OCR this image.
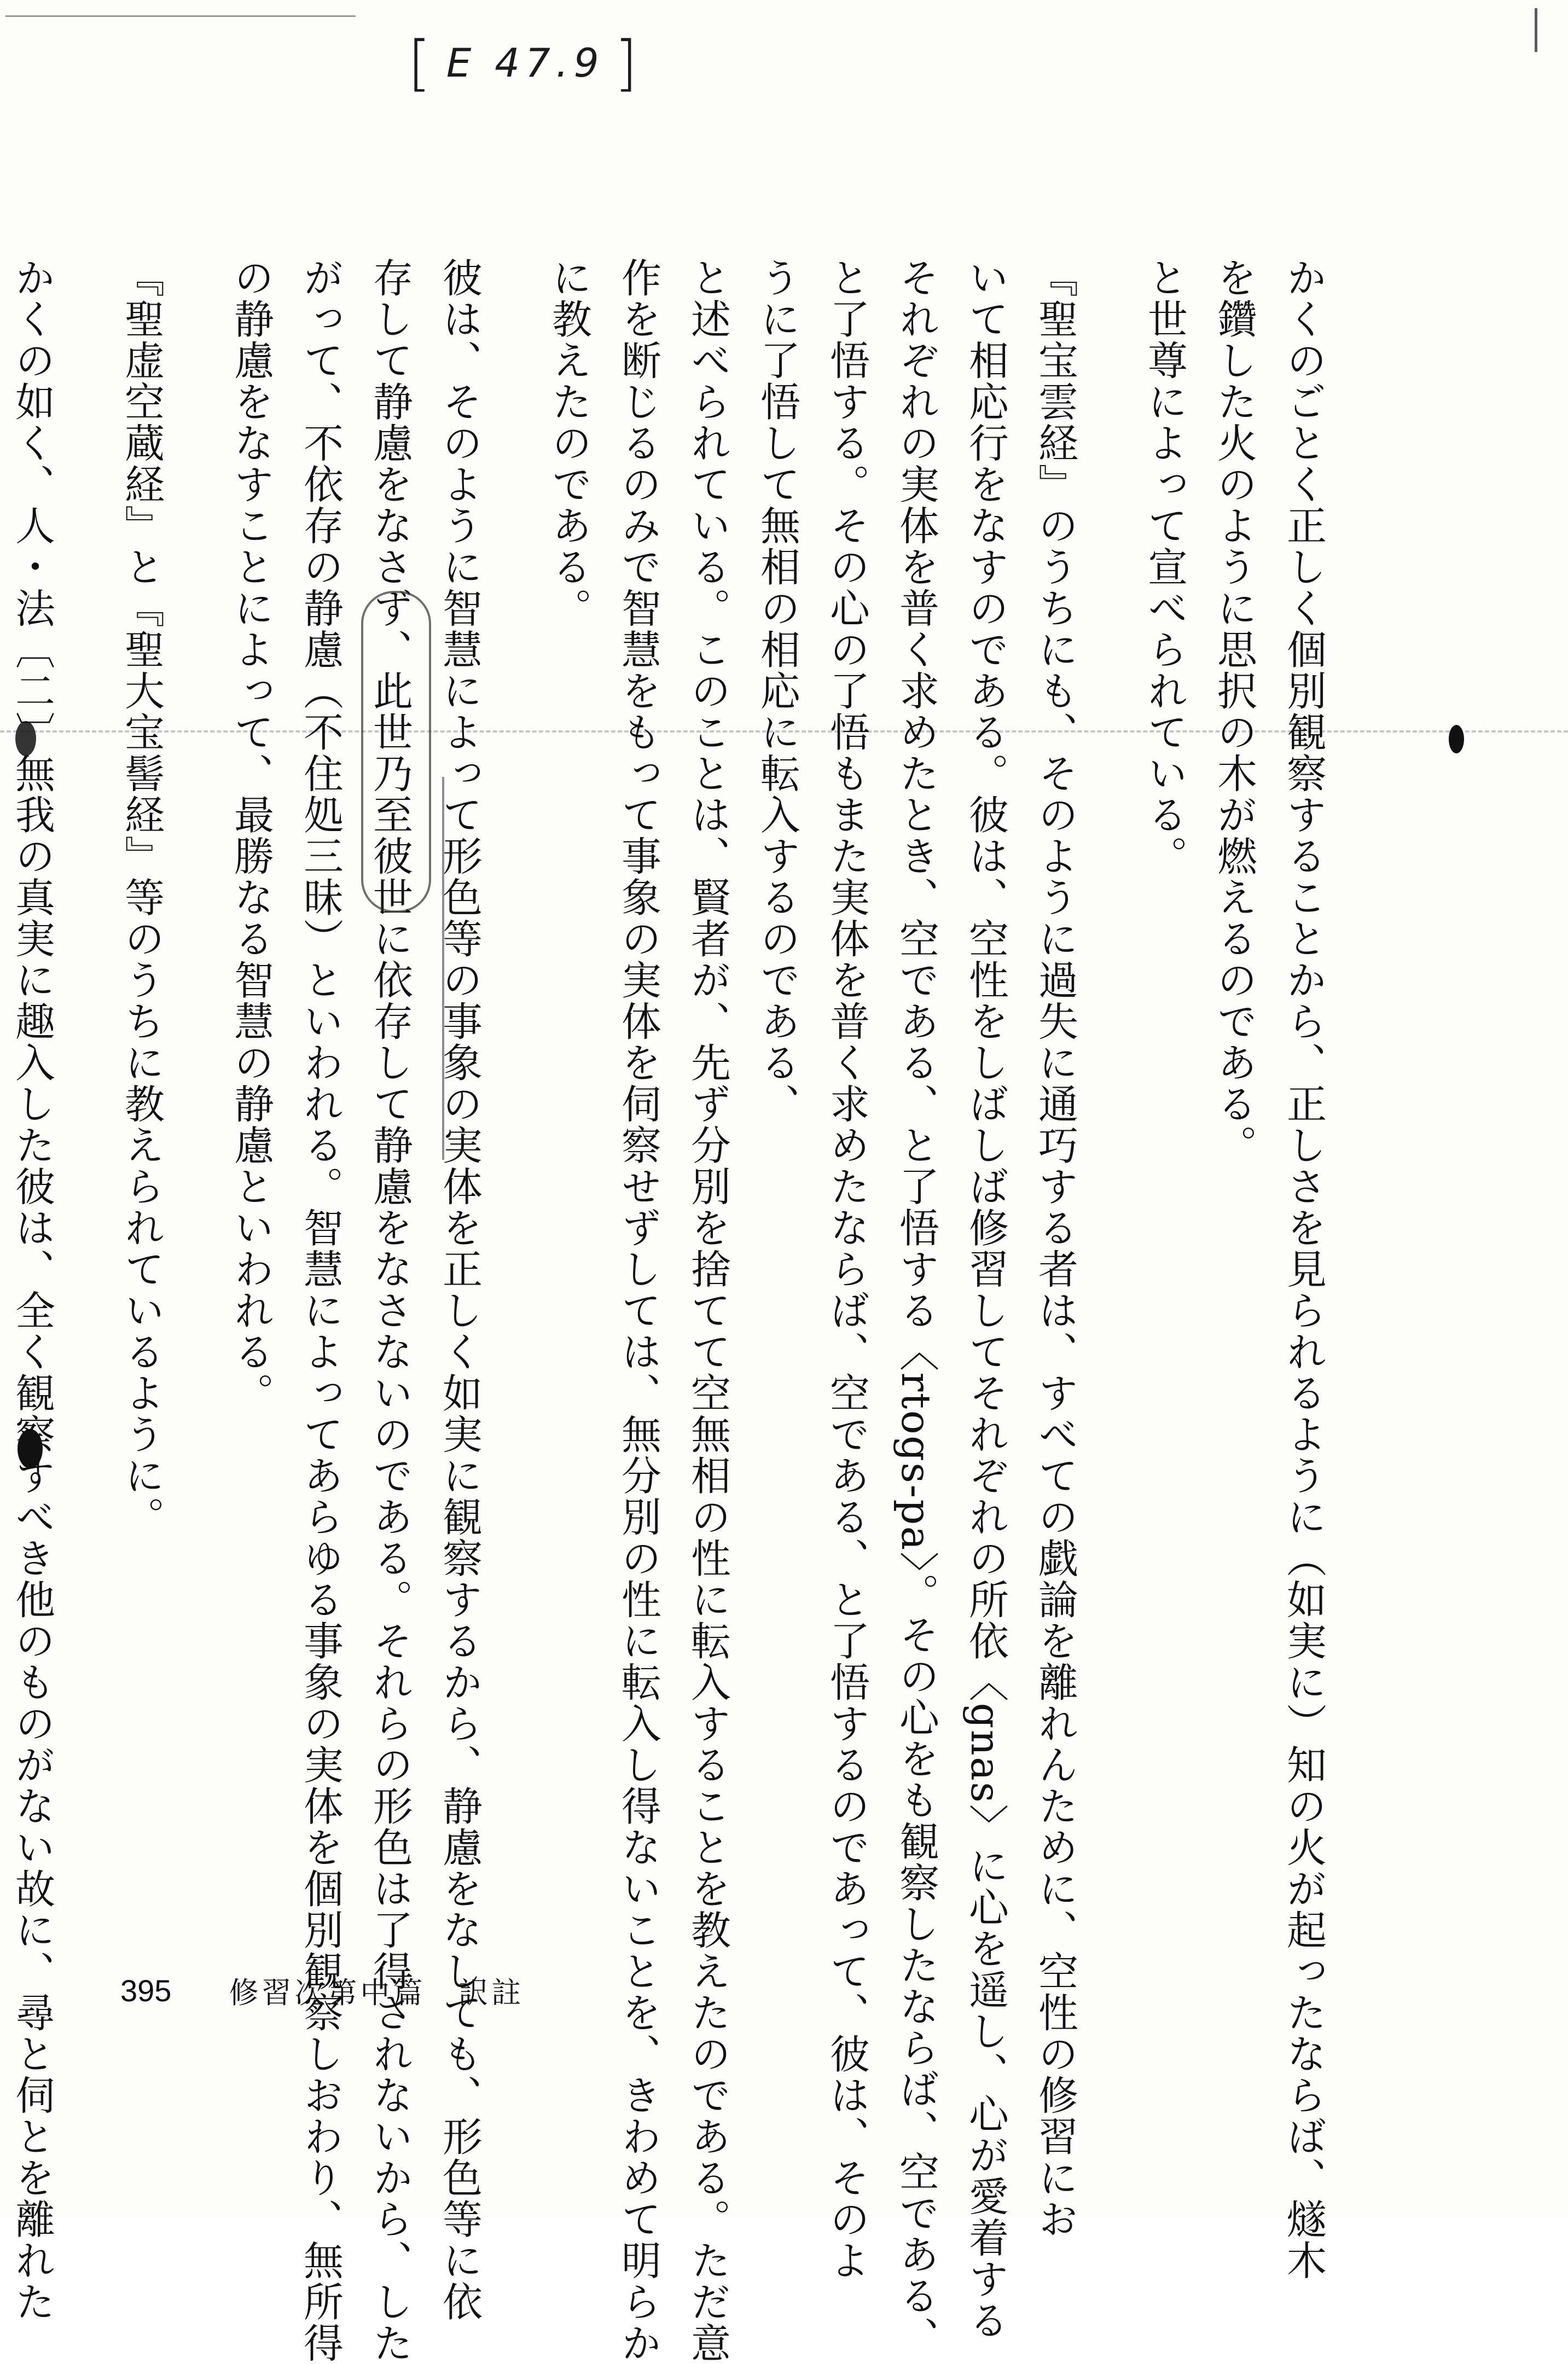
[ E 47.9 ]
かくのごとく正しく個別観察することから、正しさを見られるように（如実に）知の火が起ったならば、燧木
を鑽した火のように思択の木が燃えるのである。
と世尊によって宣べられている。
『聖宝雲経』のうちにも、そのように過失に通巧する者は、すべての戯論を離れんために、空性の修習にお
いて相応行をなすのである。彼は、空性をしばしば修習してそれぞれの所依〈gnas〉に心を遥し、心が愛着する
それぞれの実体を普く求めたとき、空である、と了悟する〈rtogs-pa〉。その心をも観察したならば、空である、
と了悟する。その心の了悟もまた実体を普く求めたならば、空である、と了悟するのであって、彼は、そのよ
うに了悟して無相の相応に転入するのである、
と述べられている。このことは、賢者が、先ず分別を捨てて空無相の性に転入することを教えたのである。ただ意
作を断じるのみで智慧をもって事象の実体を伺察せずしては、無分別の性に転入し得ないことを、きわめて明らか
に教えたのである。
彼は、そのように智慧によって形色等の事象の実体を正しく如実に観察するから、静慮をなしても、形色等に依
存して静慮をなさず、此世乃至彼世に依存して静慮をなさないのである。それらの形色は了得されないから、した
がって、不依存の静慮（不住処三昧）といわれる。智慧によってあらゆる事象の実体を個別観察しおわり、無所得
の静慮をなすことによって、最勝なる智慧の静慮といわれる。
『聖虚空蔵経』と『聖大宝髻経』等のうちに教えられているように。
かくの如く、人・法〔二〕無我の真実に趣入した彼は、全く観察すべき他のものがない故に、尋と伺とを離れた	395 修習次第中篇　訳註
